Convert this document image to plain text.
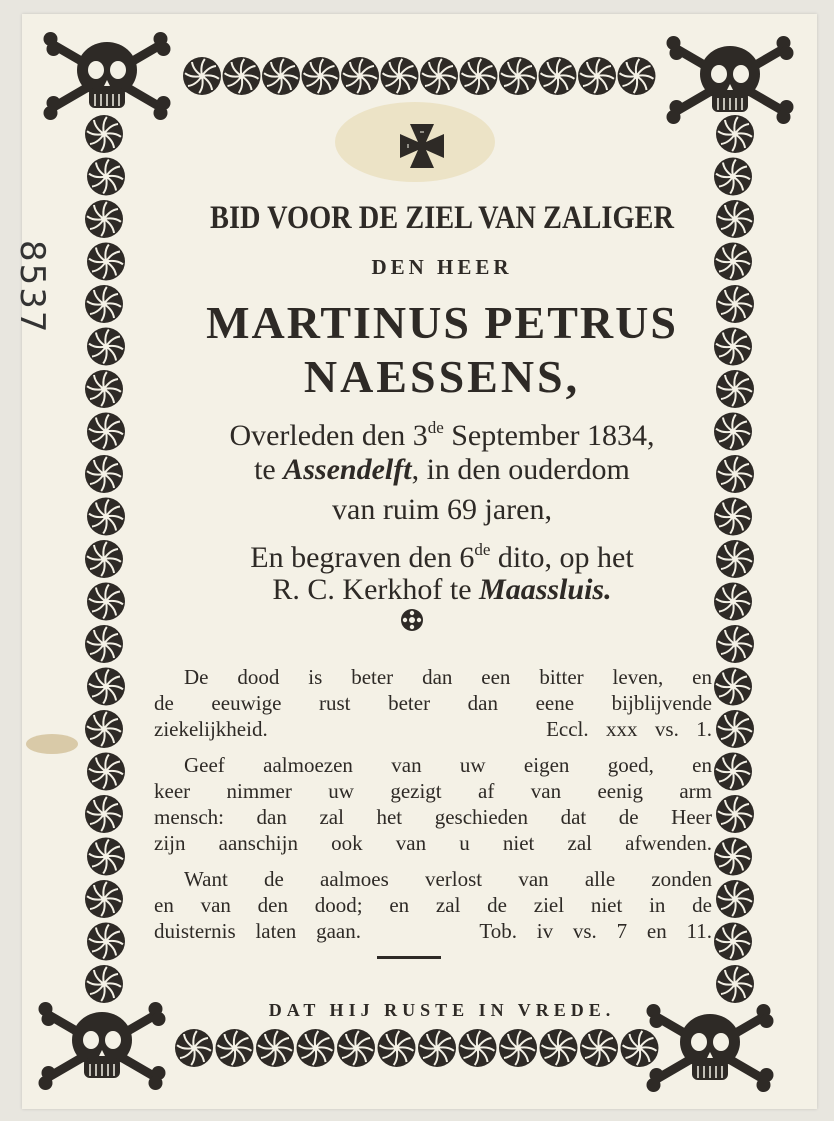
8537
BID VOOR DE ZIEL VAN ZALIGER
DEN HEER
MARTINUS PETRUS
NAESSENS,
Overleden den 3de September 1834,
te Assendelft, in den ouderdom
van ruim 69 jaren,
En begraven den 6de dito, op het
R. C. Kerkhof te Maassluis.
De dood is beter dan een bitter leven, en
de eeuwige rust beter dan eene bijblijvende
ziekelijkheid.                Eccl. xxx vs. 1.
Geef aalmoezen van uw eigen goed, en
keer nimmer uw gezigt af van eenig arm
mensch: dan zal het geschieden dat de Heer
zijn aanschijn ook van u niet zal afwenden.
Want de aalmoes verlost van alle zonden
en van den dood; en zal de ziel niet in de
duisternis laten gaan.      Tob. iv vs. 7 en 11.
DAT HIJ RUSTE IN VREDE.
